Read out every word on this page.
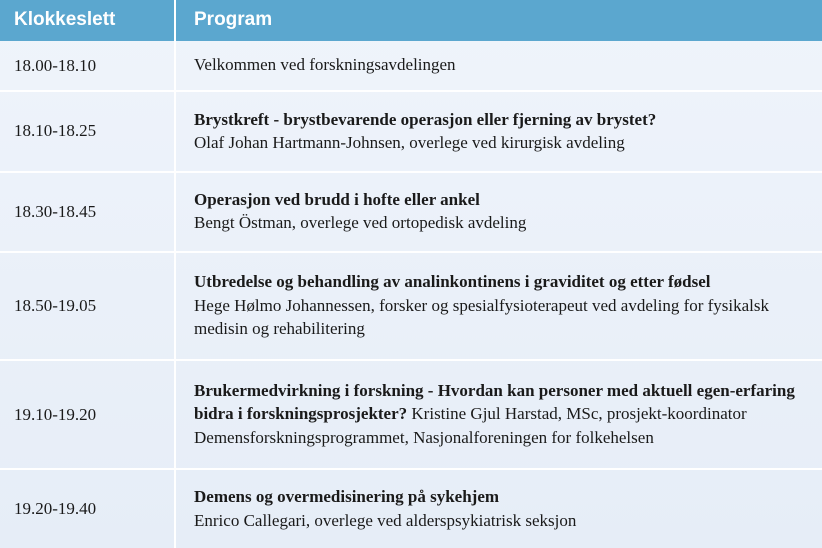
Klokkeslett	Program
18.00-18.10	Velkommen ved forskningsavdelingen

18.10-18.25	Brystkreft - brystbevarende operasjon eller fjerning av brystet?
Olaf Johan Hartmann-Johnsen, overlege ved kirurgisk avdeling

18.30-18.45	Operasjon ved brudd i hofte eller ankel
Bengt Östman, overlege ved ortopedisk avdeling

18.50-19.05	Utbredelse og behandling av analinkontinens i graviditet og etter fødsel
Hege Hølmo Johannessen, forsker og spesialfysioterapeut ved avdeling for fysikalsk medisin og rehabilitering

19.10-19.20	Brukermedvirkning i forskning - Hvordan kan personer med aktuell egen-erfaring bidra i forskningsprosjekter? Kristine Gjul Harstad, MSc, prosjekt-koordinator Demensforskningsprogrammet, Nasjonalforeningen for folkehelsen
19.20-19.40	Demens og overmedisinering på sykehjem
Enrico Callegari, overlege ved alderspsykiatrisk seksjon
